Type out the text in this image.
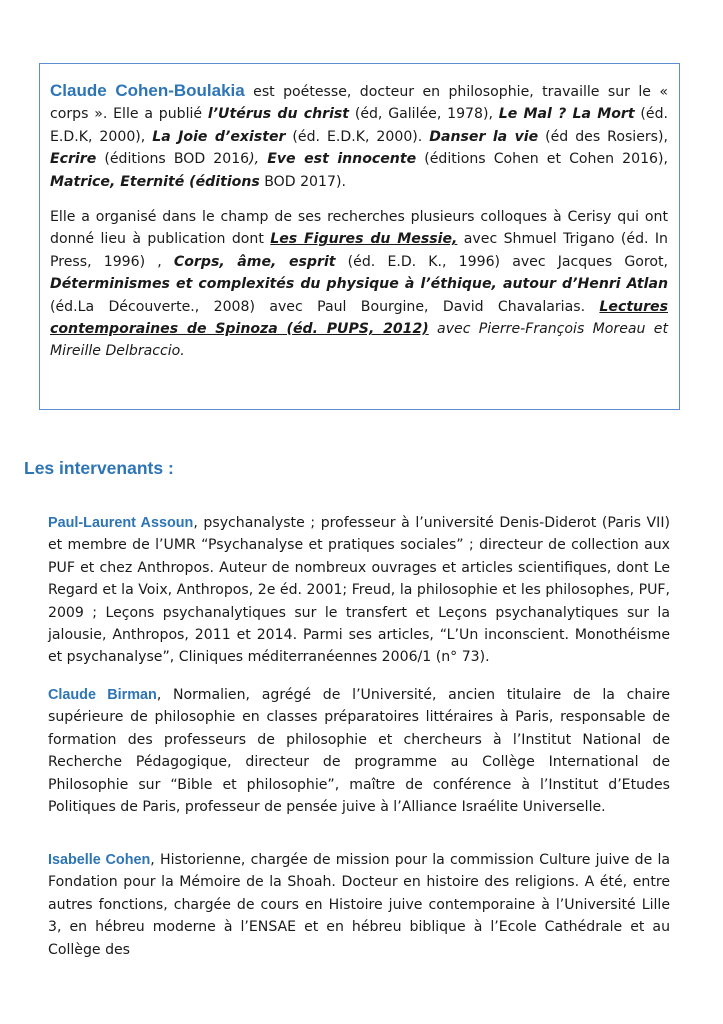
Claude Cohen-Boulakia est poétesse, docteur en philosophie, travaille sur le « corps ». Elle a publié l’Utérus du christ (éd, Galilée, 1978), Le Mal ? La Mort (éd. E.D.K, 2000), La Joie d’exister (éd. E.D.K, 2000). Danser la vie (éd des Rosiers), Ecrire (éditions BOD 2016), Eve est innocente (éditions Cohen et Cohen 2016), Matrice, Eternité (éditions BOD 2017).

Elle a organisé dans le champ de ses recherches plusieurs colloques à Cerisy qui ont donné lieu à publication dont Les Figures du Messie, avec Shmuel Trigano (éd. In Press, 1996) , Corps, âme, esprit (éd. E.D. K., 1996) avec Jacques Gorot, Déterminismes et complexités du physique à l’éthique, autour d’Henri Atlan (éd.La Découverte., 2008) avec Paul Bourgine, David Chavalarias. Lectures contemporaines de Spinoza (éd. PUPS, 2012) avec Pierre-François Moreau et Mireille Delbraccio.

Les intervenants :

Paul-Laurent Assoun, psychanalyste ; professeur à l’université Denis-Diderot (Paris VII) et membre de l’UMR “Psychanalyse et pratiques sociales” ; directeur de collection aux PUF et chez Anthropos. Auteur de nombreux ouvrages et articles scientifiques, dont Le Regard et la Voix, Anthropos, 2e éd. 2001; Freud, la philosophie et les philosophes, PUF, 2009 ; Leçons psychanalytiques sur le transfert et Leçons psychanalytiques sur la jalousie, Anthropos, 2011 et 2014. Parmi ses articles, “L’Un inconscient. Monothéisme et psychanalyse”, Cliniques méditerranéennes 2006/1 (n° 73).

Claude Birman, Normalien, agrégé de l’Université, ancien titulaire de la chaire supérieure de philosophie en classes préparatoires littéraires à Paris, responsable de formation des professeurs de philosophie et chercheurs à l’Institut National de Recherche Pédagogique, directeur de programme au Collège International de Philosophie sur “Bible et philosophie”, maître de conférence à l’Institut d’Etudes Politiques de Paris, professeur de pensée juive à l’Alliance Israélite Universelle.

Isabelle Cohen, Historienne, chargée de mission pour la commission Culture juive de la Fondation pour la Mémoire de la Shoah. Docteur en histoire des religions. A été, entre autres fonctions, chargée de cours en Histoire juive contemporaine à l’Université Lille 3, en hébreu moderne à l’ENSAE et en hébreu biblique à l’Ecole Cathédrale et au Collège des
